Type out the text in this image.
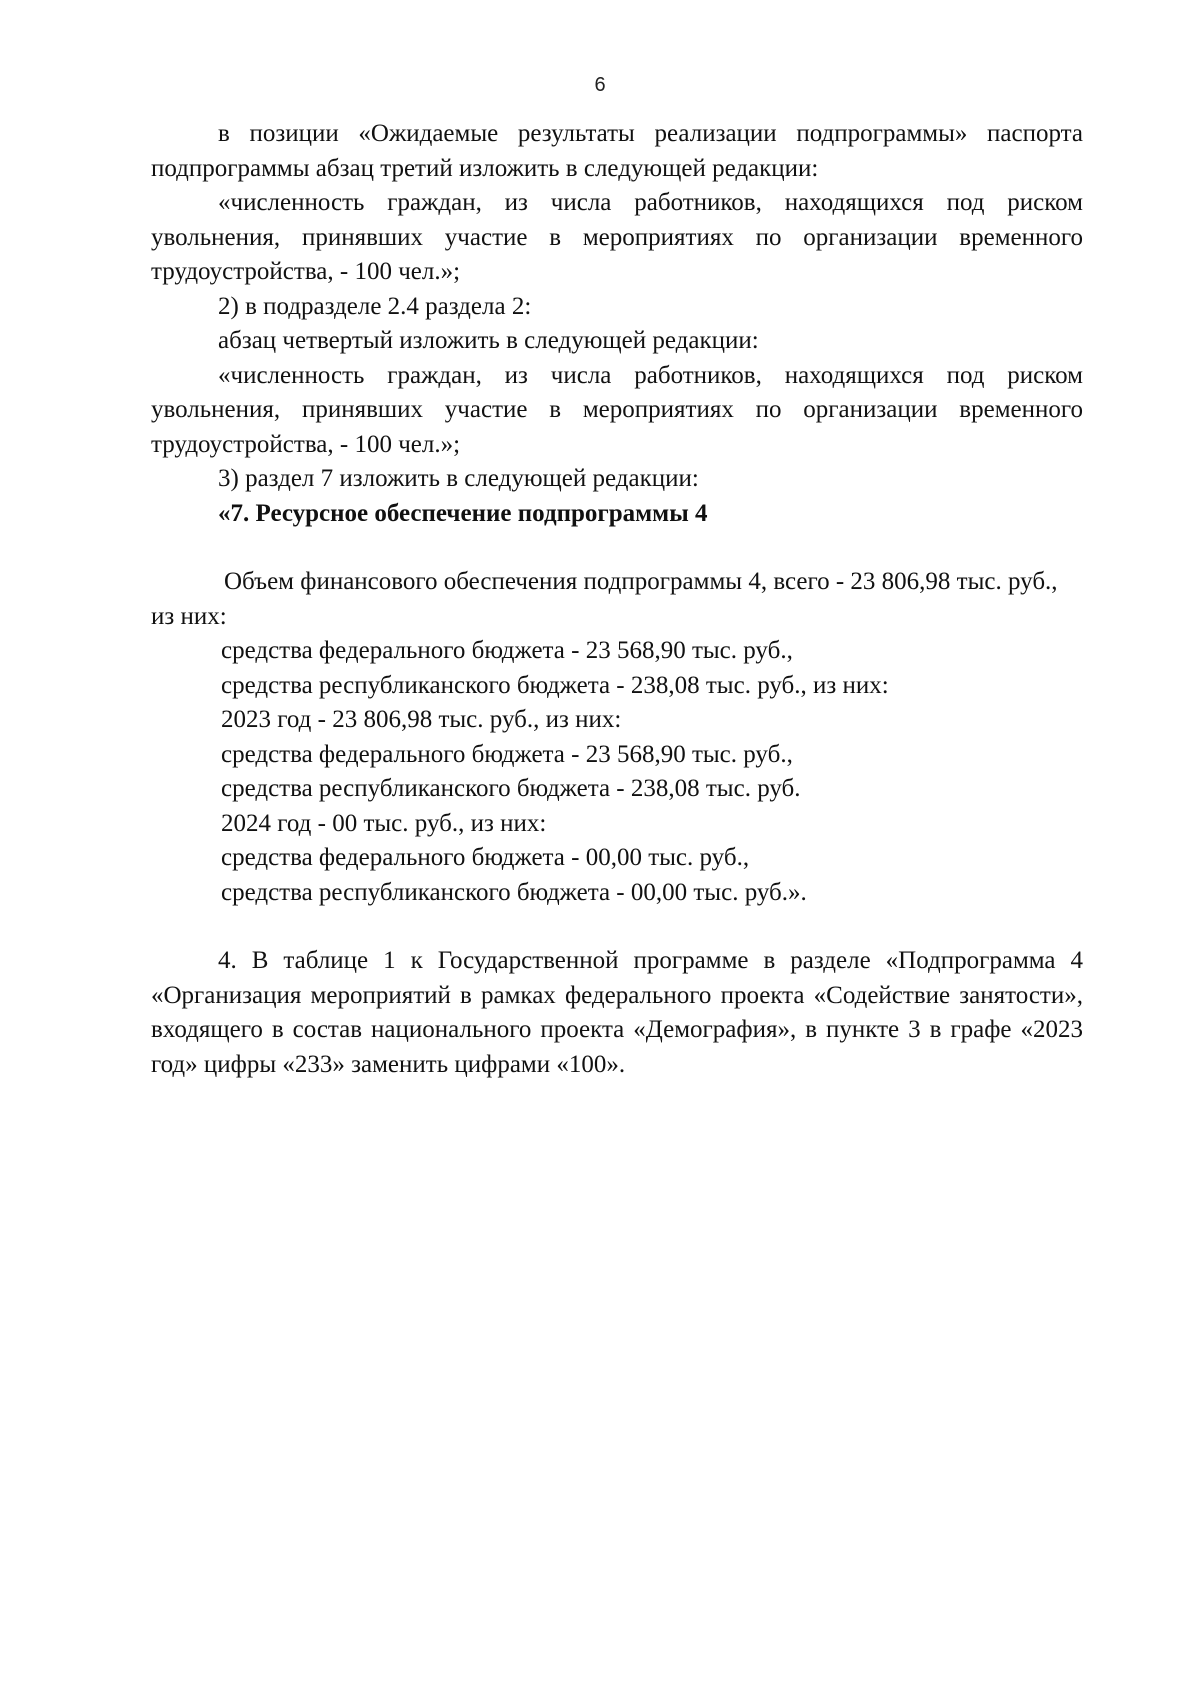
6

в позиции «Ожидаемые результаты реализации подпрограммы» паспорта подпрограммы абзац третий изложить в следующей редакции:

«численность граждан, из числа работников, находящихся под риском увольнения, принявших участие в мероприятиях по организации временного трудоустройства, - 100 чел.»;

2) в подразделе 2.4 раздела 2:

абзац четвертый изложить в следующей редакции:

«численность граждан, из числа работников, находящихся под риском увольнения, принявших участие в мероприятиях по организации временного трудоустройства, - 100 чел.»;

3) раздел 7 изложить в следующей редакции:

«7. Ресурсное обеспечение подпрограммы 4

Объем финансового обеспечения подпрограммы 4, всего - 23 806,98 тыс. руб., из них:

средства федерального бюджета - 23 568,90 тыс. руб.,

средства республиканского бюджета - 238,08 тыс. руб., из них:

2023 год - 23 806,98 тыс. руб., из них:

средства федерального бюджета - 23 568,90 тыс. руб.,

средства республиканского бюджета - 238,08 тыс. руб.

2024 год - 00 тыс. руб., из них:

средства федерального бюджета - 00,00 тыс. руб.,

средства республиканского бюджета - 00,00 тыс. руб.».

4. В таблице 1 к Государственной программе в разделе «Подпрограмма 4 «Организация мероприятий в рамках федерального проекта «Содействие занятости», входящего в состав национального проекта «Демография», в пункте 3 в графе «2023 год» цифры «233» заменить цифрами «100».
